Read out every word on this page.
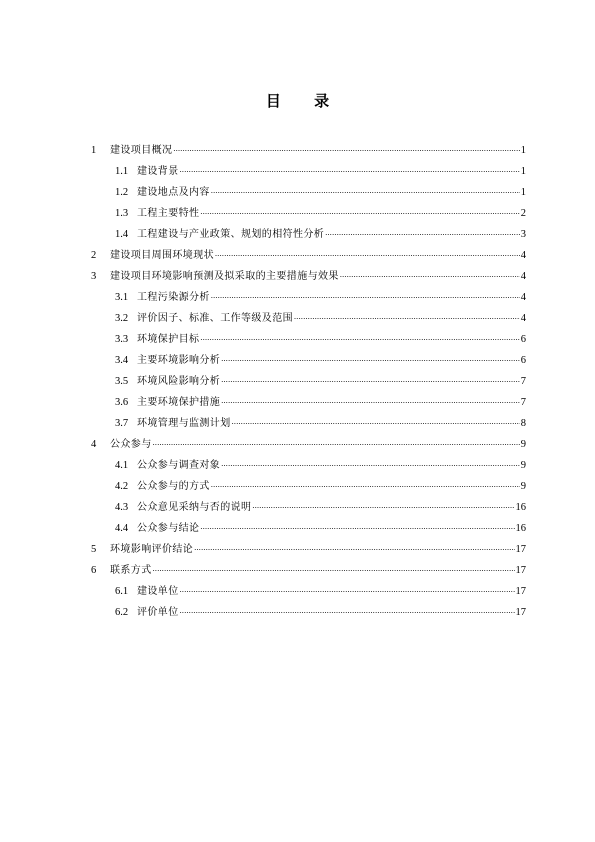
目 录
1	建设项目概况 .....	1
1.1 建设背景 .....	1
1.2 建设地点及内容 .....	1
1.3 工程主要特性 .....	2
1.4 工程建设与产业政策、规划的相符性分析 .....	3
2	建设项目周围环境现状 .....	4
3	建设项目环境影响预测及拟采取的主要措施与效果 .....	4
3.1 工程污染源分析 .....	4
3.2 评价因子、标准、工作等级及范围 .....	4
3.3 环境保护目标 .....	6
3.4 主要环境影响分析 .....	6
3.5 环境风险影响分析 .....	7
3.6 主要环境保护措施 .....	7
3.7 环境管理与监测计划 .....	8
4	公众参与 .....	9
4.1 公众参与调查对象 .....	9
4.2 公众参与的方式 .....	9
4.3 公众意见采纳与否的说明 .....	16
4.4 公众参与结论 .....	16
5	环境影响评价结论 .....	17
6	联系方式 .....	17
6.1 建设单位 .....	17
6.2 评价单位 .....	17
